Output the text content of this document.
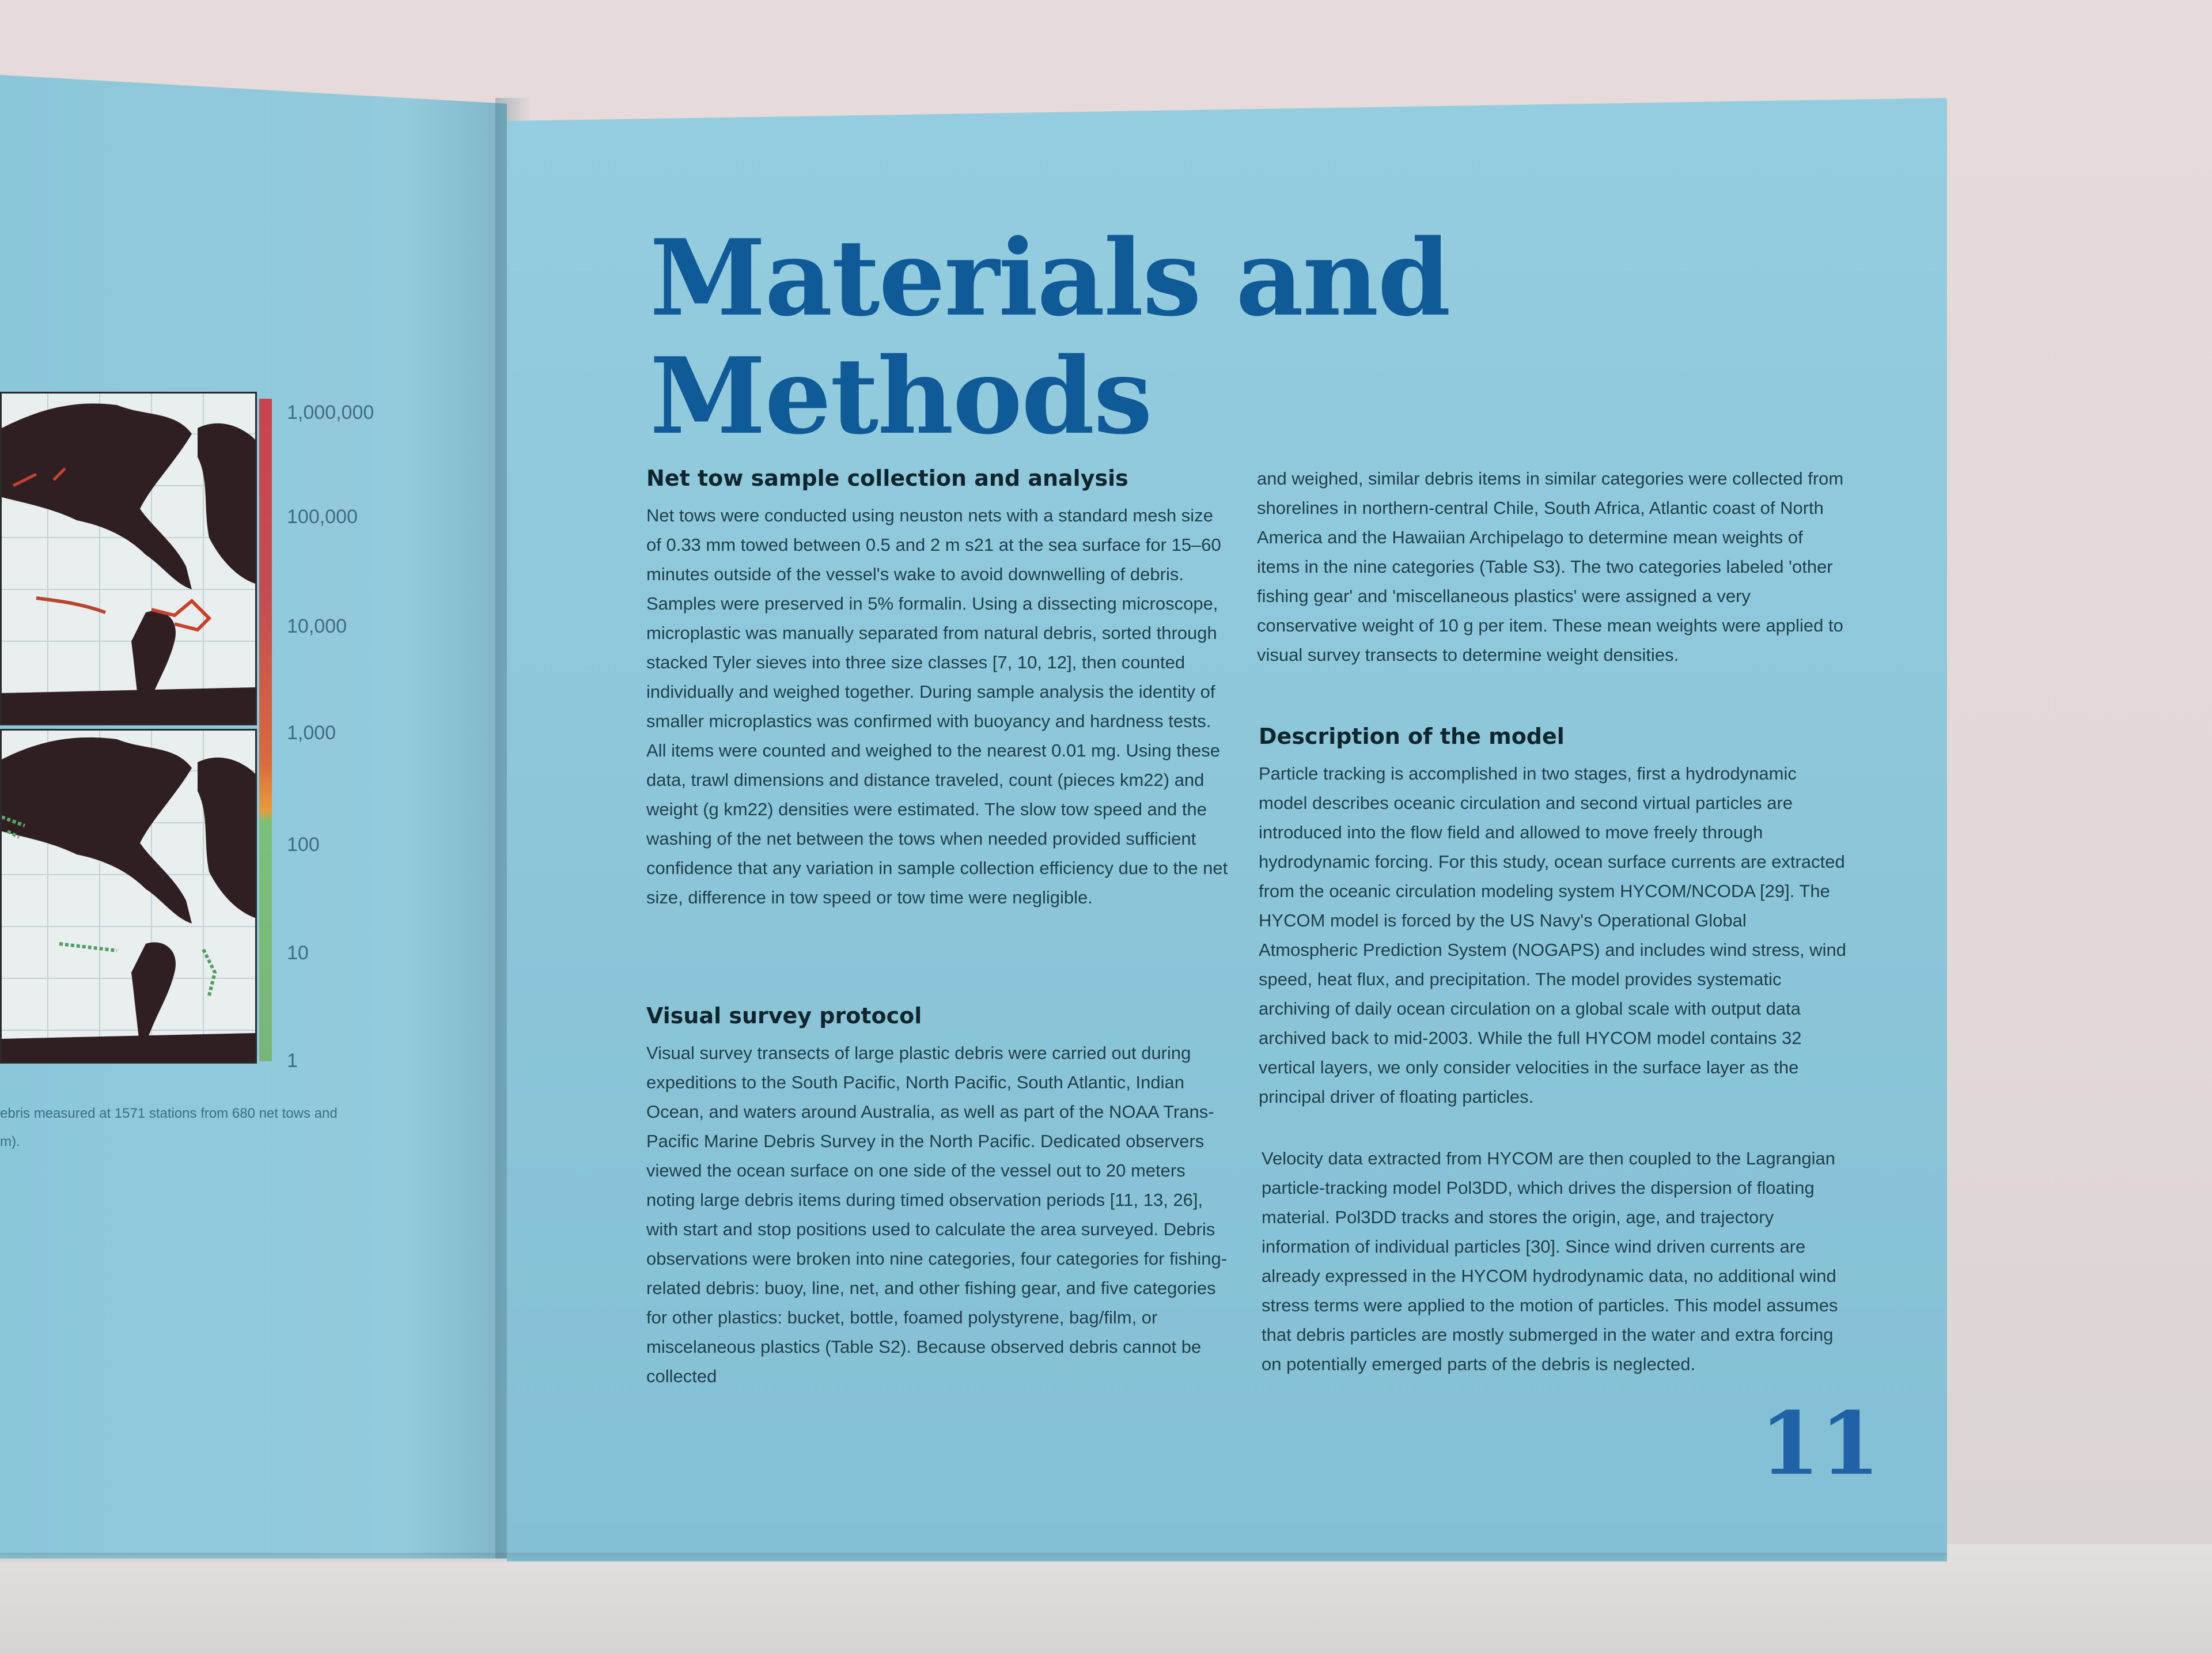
1,000,000
100,000
10,000
1,000
100
10
1
ebris measured at 1571 stations from 680 net tows and
m).
Materials and
Methods
Net tow sample collection and analysis

Net tows were conducted using neuston nets with a standard mesh size of 0.33 mm towed between 0.5 and 2 m s21 at the sea surface for 15–60 minutes outside of the vessel's wake to avoid downwelling of debris. Samples were preserved in 5% formalin. Using a dissecting microscope, microplastic was manually separated from natural debris, sorted through stacked Tyler sieves into three size classes [7, 10, 12], then counted individually and weighed together. During sample analysis the identity of smaller microplastics was confirmed with buoyancy and hardness tests. All items were counted and weighed to the nearest 0.01 mg. Using these data, trawl dimensions and distance traveled, count (pieces km22) and weight (g km22) densities were estimated. The slow tow speed and the washing of the net between the tows when needed provided sufficient confidence that any variation in sample collection efficiency due to the net size, difference in tow speed or tow time were negligible.

Visual survey protocol

Visual survey transects of large plastic debris were carried out during expeditions to the South Pacific, North Pacific, South Atlantic, Indian Ocean, and waters around Australia, as well as part of the NOAA Trans-Pacific Marine Debris Survey in the North Pacific. Dedicated observers viewed the ocean surface on one side of the vessel out to 20 meters noting large debris items during timed observation periods [11, 13, 26], with start and stop positions used to calculate the area surveyed. Debris observations were broken into nine categories, four categories for fishing-related debris: buoy, line, net, and other fishing gear, and five categories for other plastics: bucket, bottle, foamed polystyrene, bag/film, or miscelaneous plastics (Table S2). Because observed debris cannot be collected

and weighed, similar debris items in similar categories were collected from shorelines in northern-central Chile, South Africa, Atlantic coast of North America and the Hawaiian Archipelago to determine mean weights of items in the nine categories (Table S3). The two categories labeled 'other fishing gear' and 'miscellaneous plastics' were assigned a very conservative weight of 10 g per item. These mean weights were applied to visual survey transects to determine weight densities.

Description of the model

Particle tracking is accomplished in two stages, first a hydrodynamic model describes oceanic circulation and second virtual particles are introduced into the flow field and allowed to move freely through hydrodynamic forcing. For this study, ocean surface currents are extracted from the oceanic circulation modeling system HYCOM/NCODA [29]. The HYCOM model is forced by the US Navy's Operational Global Atmospheric Prediction System (NOGAPS) and includes wind stress, wind speed, heat flux, and precipitation. The model provides systematic archiving of daily ocean circulation on a global scale with output data archived back to mid-2003. While the full HYCOM model contains 32 vertical layers, we only consider velocities in the surface layer as the principal driver of floating particles.

Velocity data extracted from HYCOM are then coupled to the Lagrangian particle-tracking model Pol3DD, which drives the dispersion of floating material. Pol3DD tracks and stores the origin, age, and trajectory information of individual particles [30]. Since wind driven currents are already expressed in the HYCOM hydrodynamic data, no additional wind stress terms were applied to the motion of particles. This model assumes that debris particles are mostly submerged in the water and extra forcing on potentially emerged parts of the debris is neglected.

11
